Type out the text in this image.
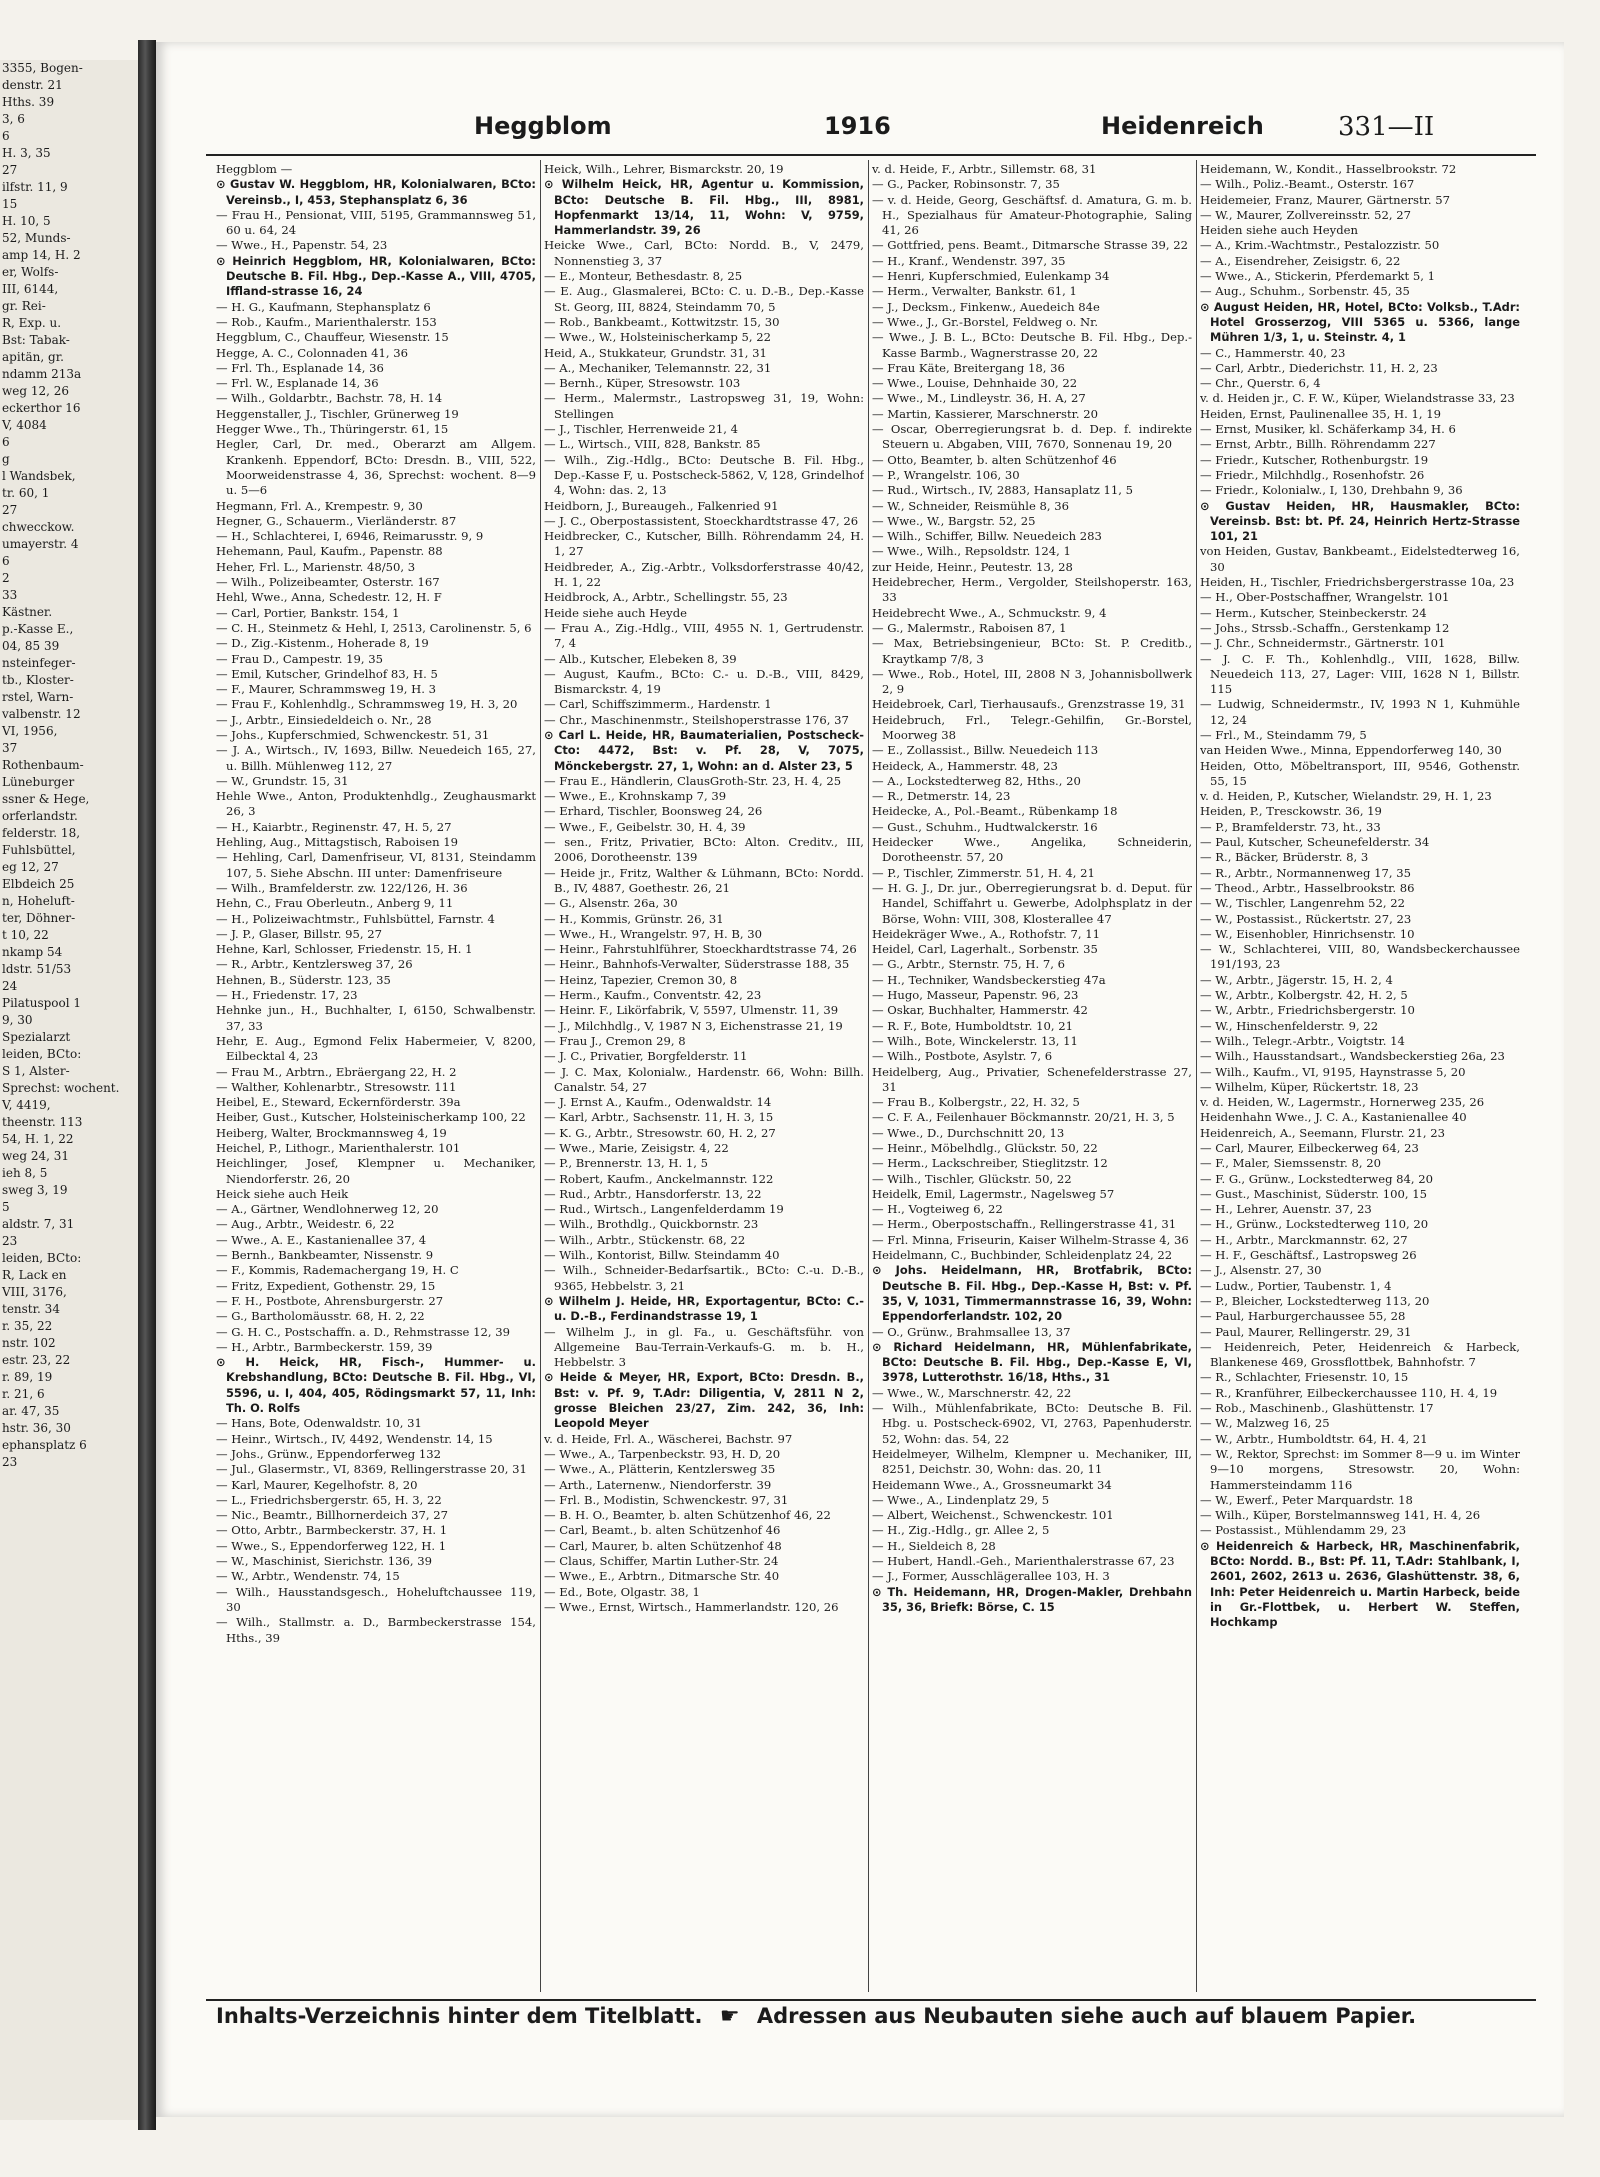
3355, Bogen-
denstr. 21
Hths. 39
3, 6
6
H. 3, 35
27
ilfstr. 11, 9
15
H. 10, 5
52, Munds-
amp 14, H. 2
er, Wolfs-
III, 6144,
gr. Rei-
R, Exp. u.
Bst: Tabak-
apitän, gr.
ndamm 213a
weg 12, 26
eckerthor 16
V, 4084
6
g
l Wandsbek,
tr. 60, 1
27
chwecckow.
umayerstr. 4
6
2
33
Kästner.
p.-Kasse E.,
04, 85 39
nsteinfeger-
tb., Kloster-
rstel, Warn-
valbenstr. 12
VI, 1956,
37
Rothenbaum-
Lüneburger
ssner & Hege,
orferlandstr.
felderstr. 18,
Fuhlsbüttel,
eg 12, 27
Elbdeich 25
n, Hoheluft-
ter, Döhner-
t 10, 22
nkamp 54
ldstr. 51/53
24
Pilatuspool 1
9, 30
Spezialarzt
leiden, BCto:
S 1, Alster-
Sprechst: wochent.
V, 4419,
theenstr. 113
54, H. 1, 22
weg 24, 31
ieh 8, 5
sweg 3, 19
5
aldstr. 7, 31
23
leiden, BCto:
R, Lack en
VIII, 3176,
tenstr. 34
r. 35, 22
nstr. 102
estr. 23, 22
r. 89, 19
r. 21, 6
ar. 47, 35
hstr. 36, 30
ephansplatz 6
23
Heggblom	1916	Heidenreich	331—II

Heggblom —

⊙ Gustav W. Heggblom, HR, Kolonialwaren, BCto: Vereinsb., I, 453, Stephansplatz 6, 36

— Frau H., Pensionat, VIII, 5195, Grammannsweg 51, 60 u. 64, 24

— Wwe., H., Papenstr. 54, 23

⊙ Heinrich Heggblom, HR, Kolonialwaren, BCto: Deutsche B. Fil. Hbg., Dep.-Kasse A., VIII, 4705, Iffland-strasse 16, 24

— H. G., Kaufmann, Stephansplatz 6

— Rob., Kaufm., Marienthalerstr. 153

Heggblum, C., Chauffeur, Wiesenstr. 15

Hegge, A. C., Colonnaden 41, 36

— Frl. Th., Esplanade 14, 36

— Frl. W., Esplanade 14, 36

— Wilh., Goldarbtr., Bachstr. 78, H. 14

Heggenstaller, J., Tischler, Grünerweg 19

Hegger Wwe., Th., Thüringerstr. 61, 15

Hegler, Carl, Dr. med., Oberarzt am Allgem. Krankenh. Eppendorf, BCto: Dresdn. B., VIII, 522, Moorweidenstrasse 4, 36, Sprechst: wochent. 8—9 u. 5—6

Hegmann, Frl. A., Krempestr. 9, 30

Hegner, G., Schauerm., Vierländerstr. 87

— H., Schlachterei, I, 6946, Reimarusstr. 9, 9

Hehemann, Paul, Kaufm., Papenstr. 88

Heher, Frl. L., Marienstr. 48/50, 3

— Wilh., Polizeibeamter, Osterstr. 167

Hehl, Wwe., Anna, Schedestr. 12, H. F

— Carl, Portier, Bankstr. 154, 1

— C. H., Steinmetz & Hehl, I, 2513, Carolinenstr. 5, 6

— D., Zig.-Kistenm., Hoherade 8, 19

— Frau D., Campestr. 19, 35

— Emil, Kutscher, Grindelhof 83, H. 5

— F., Maurer, Schrammsweg 19, H. 3

— Frau F., Kohlenhdlg., Schrammsweg 19, H. 3, 20

— J., Arbtr., Einsiedeldeich o. Nr., 28

— Johs., Kupferschmied, Schwenckestr. 51, 31

— J. A., Wirtsch., IV, 1693, Billw. Neuedeich 165, 27, u. Billh. Mühlenweg 112, 27

— W., Grundstr. 15, 31

Hehle Wwe., Anton, Produktenhdlg., Zeughausmarkt 26, 3

— H., Kaiarbtr., Reginenstr. 47, H. 5, 27

Hehling, Aug., Mittagstisch, Raboisen 19

— Hehling, Carl, Damenfriseur, VI, 8131, Steindamm 107, 5. Siehe Abschn. III unter: Damenfriseure

— Wilh., Bramfelderstr. zw. 122/126, H. 36

Hehn, C., Frau Oberleutn., Anberg 9, 11

— H., Polizeiwachtmstr., Fuhlsbüttel, Farnstr. 4

— J. P., Glaser, Billstr. 95, 27

Hehne, Karl, Schlosser, Friedenstr. 15, H. 1

— R., Arbtr., Kentzlersweg 37, 26

Hehnen, B., Süderstr. 123, 35

— H., Friedenstr. 17, 23

Hehnke jun., H., Buchhalter, I, 6150, Schwalbenstr. 37, 33

Hehr, E. Aug., Egmond Felix Habermeier, V, 8200, Eilbecktal 4, 23

— Frau M., Arbtrn., Ebräergang 22, H. 2

— Walther, Kohlenarbtr., Stresowstr. 111

Heibel, E., Steward, Eckernförderstr. 39a

Heiber, Gust., Kutscher, Holsteinischerkamp 100, 22

Heiberg, Walter, Brockmannsweg 4, 19

Heichel, P., Lithogr., Marienthalerstr. 101

Heichlinger, Josef, Klempner u. Mechaniker, Niendorferstr. 26, 20

Heick siehe auch Heik

— A., Gärtner, Wendlohnerweg 12, 20

— Aug., Arbtr., Weidestr. 6, 22

— Wwe., A. E., Kastanienallee 37, 4

— Bernh., Bankbeamter, Nissenstr. 9

— F., Kommis, Rademachergang 19, H. C

— Fritz, Expedient, Gothenstr. 29, 15

— F. H., Postbote, Ahrensburgerstr. 27

— G., Bartholomäusstr. 68, H. 2, 22

— G. H. C., Postschaffn. a. D., Rehmstrasse 12, 39

— H., Arbtr., Barmbeckerstr. 159, 39

⊙ H. Heick, HR, Fisch-, Hummer- u. Krebshandlung, BCto: Deutsche B. Fil. Hbg., VI, 5596, u. I, 404, 405, Rödingsmarkt 57, 11, Inh: Th. O. Rolfs

— Hans, Bote, Odenwaldstr. 10, 31

— Heinr., Wirtsch., IV, 4492, Wendenstr. 14, 15

— Johs., Grünw., Eppendorferweg 132

— Jul., Glasermstr., VI, 8369, Rellingerstrasse 20, 31

— Karl, Maurer, Kegelhofstr. 8, 20

— L., Friedrichsbergerstr. 65, H. 3, 22

— Nic., Beamtr., Billhornerdeich 37, 27

— Otto, Arbtr., Barmbeckerstr. 37, H. 1

— Wwe., S., Eppendorferweg 122, H. 1

— W., Maschinist, Sierichstr. 136, 39

— W., Arbtr., Wendenstr. 74, 15

— Wilh., Hausstandsgesch., Hoheluftchaussee 119, 30

— Wilh., Stallmstr. a. D., Barmbeckerstrasse 154, Hths., 39

Heick, Wilh., Lehrer, Bismarckstr. 20, 19

⊙ Wilhelm Heick, HR, Agentur u. Kommission, BCto: Deutsche B. Fil. Hbg., III, 8981, Hopfenmarkt 13/14, 11, Wohn: V, 9759, Hammerlandstr. 39, 26

Heicke Wwe., Carl, BCto: Nordd. B., V, 2479, Nonnenstieg 3, 37

— E., Monteur, Bethesdastr. 8, 25

— E. Aug., Glasmalerei, BCto: C. u. D.-B., Dep.-Kasse St. Georg, III, 8824, Steindamm 70, 5

— Rob., Bankbeamt., Kottwitzstr. 15, 30

— Wwe., W., Holsteinischerkamp 5, 22

Heid, A., Stukkateur, Grundstr. 31, 31

— A., Mechaniker, Telemannstr. 22, 31

— Bernh., Küper, Stresowstr. 103

— Herm., Malermstr., Lastropsweg 31, 19, Wohn: Stellingen

— J., Tischler, Herrenweide 21, 4

— L., Wirtsch., VIII, 828, Bankstr. 85

— Wilh., Zig.-Hdlg., BCto: Deutsche B. Fil. Hbg., Dep.-Kasse F, u. Postscheck-5862, V, 128, Grindelhof 4, Wohn: das. 2, 13

Heidborn, J., Bureaugeh., Falkenried 91

— J. C., Oberpostassistent, Stoeckhardtstrasse 47, 26

Heidbrecker, C., Kutscher, Billh. Röhrendamm 24, H. 1, 27

Heidbreder, A., Zig.-Arbtr., Volksdorferstrasse 40/42, H. 1, 22

Heidbrock, A., Arbtr., Schellingstr. 55, 23

Heide siehe auch Heyde

— Frau A., Zig.-Hdlg., VIII, 4955 N. 1, Gertrudenstr. 7, 4

— Alb., Kutscher, Elebeken 8, 39

— August, Kaufm., BCto: C.- u. D.-B., VIII, 8429, Bismarckstr. 4, 19

— Carl, Schiffszimmerm., Hardenstr. 1

— Chr., Maschinenmstr., Steilshoperstrasse 176, 37

⊙ Carl L. Heide, HR, Baumaterialien, Postscheck-Cto: 4472, Bst: v. Pf. 28, V, 7075, Mönckebergstr. 27, 1, Wohn: an d. Alster 23, 5

— Frau E., Händlerin, ClausGroth-Str. 23, H. 4, 25

— Wwe., E., Krohnskamp 7, 39

— Erhard, Tischler, Boonsweg 24, 26

— Wwe., F., Geibelstr. 30, H. 4, 39

— sen., Fritz, Privatier, BCto: Alton. Creditv., III, 2006, Dorotheenstr. 139

— Heide jr., Fritz, Walther & Lühmann, BCto: Nordd. B., IV, 4887, Goethestr. 26, 21

— G., Alsenstr. 26a, 30

— H., Kommis, Grünstr. 26, 31

— Wwe., H., Wrangelstr. 97, H. B, 30

— Heinr., Fahrstuhlführer, Stoeckhardtstrasse 74, 26

— Heinr., Bahnhofs-Verwalter, Süderstrasse 188, 35

— Heinz, Tapezier, Cremon 30, 8

— Herm., Kaufm., Conventstr. 42, 23

— Heinr. F., Likörfabrik, V, 5597, Ulmenstr. 11, 39

— J., Milchhdlg., V, 1987 N 3, Eichenstrasse 21, 19

— Frau J., Cremon 29, 8

— J. C., Privatier, Borgfelderstr. 11

— J. C. Max, Kolonialw., Hardenstr. 66, Wohn: Billh. Canalstr. 54, 27

— J. Ernst A., Kaufm., Odenwaldstr. 14

— Karl, Arbtr., Sachsenstr. 11, H. 3, 15

— K. G., Arbtr., Stresowstr. 60, H. 2, 27

— Wwe., Marie, Zeisigstr. 4, 22

— P., Brennerstr. 13, H. 1, 5

— Robert, Kaufm., Anckelmannstr. 122

— Rud., Arbtr., Hansdorferstr. 13, 22

— Rud., Wirtsch., Langenfelderdamm 19

— Wilh., Brothdlg., Quickbornstr. 23

— Wilh., Arbtr., Stückenstr. 68, 22

— Wilh., Kontorist, Billw. Steindamm 40

— Wilh., Schneider-Bedarfsartik., BCto: C.-u. D.-B., 9365, Hebbelstr. 3, 21

⊙ Wilhelm J. Heide, HR, Exportagentur, BCto: C.- u. D.-B., Ferdinandstrasse 19, 1

— Wilhelm J., in gl. Fa., u. Geschäftsführ. von Allgemeine Bau-Terrain-Verkaufs-G. m. b. H., Hebbelstr. 3

⊙ Heide & Meyer, HR, Export, BCto: Dresdn. B., Bst: v. Pf. 9, T.Adr: Diligentia, V, 2811 N 2, grosse Bleichen 23/27, Zim. 242, 36, Inh: Leopold Meyer

v. d. Heide, Frl. A., Wäscherei, Bachstr. 97

— Wwe., A., Tarpenbeckstr. 93, H. D, 20

— Wwe., A., Plätterin, Kentzlersweg 35

— Arth., Laternenw., Niendorferstr. 39

— Frl. B., Modistin, Schwenckestr. 97, 31

— B. H. O., Beamter, b. alten Schützenhof 46, 22

— Carl, Beamt., b. alten Schützenhof 46

— Carl, Maurer, b. alten Schützenhof 48

— Claus, Schiffer, Martin Luther-Str. 24

— Wwe., E., Arbtrn., Ditmarsche Str. 40

— Ed., Bote, Olgastr. 38, 1

— Wwe., Ernst, Wirtsch., Hammerlandstr. 120, 26

v. d. Heide, F., Arbtr., Sillemstr. 68, 31

— G., Packer, Robinsonstr. 7, 35

— v. d. Heide, Georg, Geschäftsf. d. Amatura, G. m. b. H., Spezialhaus für Amateur-Photographie, Saling 41, 26

— Gottfried, pens. Beamt., Ditmarsche Strasse 39, 22

— H., Kranf., Wendenstr. 397, 35

— Henri, Kupferschmied, Eulenkamp 34

— Herm., Verwalter, Bankstr. 61, 1

— J., Decksm., Finkenw., Auedeich 84e

— Wwe., J., Gr.-Borstel, Feldweg o. Nr.

— Wwe., J. B. L., BCto: Deutsche B. Fil. Hbg., Dep.-Kasse Barmb., Wagnerstrasse 20, 22

— Frau Käte, Breitergang 18, 36

— Wwe., Louise, Dehnhaide 30, 22

— Wwe., M., Lindleystr. 36, H. A, 27

— Martin, Kassierer, Marschnerstr. 20

— Oscar, Oberregierungsrat b. d. Dep. f. indirekte Steuern u. Abgaben, VIII, 7670, Sonnenau 19, 20

— Otto, Beamter, b. alten Schützenhof 46

— P., Wrangelstr. 106, 30

— Rud., Wirtsch., IV, 2883, Hansaplatz 11, 5

— W., Schneider, Reismühle 8, 36

— Wwe., W., Bargstr. 52, 25

— Wilh., Schiffer, Billw. Neuedeich 283

— Wwe., Wilh., Repsoldstr. 124, 1

zur Heide, Heinr., Peutestr. 13, 28

Heidebrecher, Herm., Vergolder, Steilshoperstr. 163, 33

Heidebrecht Wwe., A., Schmuckstr. 9, 4

— G., Malermstr., Raboisen 87, 1

— Max, Betriebsingenieur, BCto: St. P. Creditb., Kraytkamp 7/8, 3

— Wwe., Rob., Hotel, III, 2808 N 3, Johannisbollwerk 2, 9

Heidebroek, Carl, Tierhausaufs., Grenzstrasse 19, 31

Heidebruch, Frl., Telegr.-Gehilfin, Gr.-Borstel, Moorweg 38

— E., Zollassist., Billw. Neuedeich 113

Heideck, A., Hammerstr. 48, 23

— A., Lockstedterweg 82, Hths., 20

— R., Detmerstr. 14, 23

Heidecke, A., Pol.-Beamt., Rübenkamp 18

— Gust., Schuhm., Hudtwalckerstr. 16

Heidecker Wwe., Angelika, Schneiderin, Dorotheenstr. 57, 20

— P., Tischler, Zimmerstr. 51, H. 4, 21

— H. G. J., Dr. jur., Oberregierungsrat b. d. Deput. für Handel, Schiffahrt u. Gewerbe, Adolphsplatz in der Börse, Wohn: VIII, 308, Klosterallee 47

Heidekräger Wwe., A., Rothofstr. 7, 11

Heidel, Carl, Lagerhalt., Sorbenstr. 35

— G., Arbtr., Sternstr. 75, H. 7, 6

— H., Techniker, Wandsbeckerstieg 47a

— Hugo, Masseur, Papenstr. 96, 23

— Oskar, Buchhalter, Hammerstr. 42

— R. F., Bote, Humboldtstr. 10, 21

— Wilh., Bote, Winckelerstr. 13, 11

— Wilh., Postbote, Asylstr. 7, 6

Heidelberg, Aug., Privatier, Schenefelderstrasse 27, 31

— Frau B., Kolbergstr., 22, H. 32, 5

— C. F. A., Feilenhauer Böckmannstr. 20/21, H. 3, 5

— Wwe., D., Durchschnitt 20, 13

— Heinr., Möbelhdlg., Glückstr. 50, 22

— Herm., Lackschreiber, Stieglitzstr. 12

— Wilh., Tischler, Glückstr. 50, 22

Heidelk, Emil, Lagermstr., Nagelsweg 57

— H., Vogteiweg 6, 22

— Herm., Oberpostschaffn., Rellingerstrasse 41, 31

— Frl. Minna, Friseurin, Kaiser Wilhelm-Strasse 4, 36

Heidelmann, C., Buchbinder, Schleidenplatz 24, 22

⊙ Johs. Heidelmann, HR, Brotfabrik, BCto: Deutsche B. Fil. Hbg., Dep.-Kasse H, Bst: v. Pf. 35, V, 1031, Timmermannstrasse 16, 39, Wohn: Eppendorferlandstr. 102, 20

— O., Grünw., Brahmsallee 13, 37

⊙ Richard Heidelmann, HR, Mühlenfabrikate, BCto: Deutsche B. Fil. Hbg., Dep.-Kasse E, VI, 3978, Lutterothstr. 16/18, Hths., 31

— Wwe., W., Marschnerstr. 42, 22

— Wilh., Mühlenfabrikate, BCto: Deutsche B. Fil. Hbg. u. Postscheck-6902, VI, 2763, Papenhuderstr. 52, Wohn: das. 54, 22

Heidelmeyer, Wilhelm, Klempner u. Mechaniker, III, 8251, Deichstr. 30, Wohn: das. 20, 11

Heidemann Wwe., A., Grossneumarkt 34

— Wwe., A., Lindenplatz 29, 5

— Albert, Weichenst., Schwenckestr. 101

— H., Zig.-Hdlg., gr. Allee 2, 5

— H., Sieldeich 8, 28

— Hubert, Handl.-Geh., Marienthalerstrasse 67, 23

— J., Former, Ausschlägerallee 103, H. 3

⊙ Th. Heidemann, HR, Drogen-Makler, Drehbahn 35, 36, Briefk: Börse, C. 15

Heidemann, W., Kondit., Hasselbrookstr. 72

— Wilh., Poliz.-Beamt., Osterstr. 167

Heidemeier, Franz, Maurer, Gärtnerstr. 57

— W., Maurer, Zollvereinsstr. 52, 27

Heiden siehe auch Heyden

— A., Krim.-Wachtmstr., Pestalozzistr. 50

— A., Eisendreher, Zeisigstr. 6, 22

— Wwe., A., Stickerin, Pferdemarkt 5, 1

— Aug., Schuhm., Sorbenstr. 45, 35

⊙ August Heiden, HR, Hotel, BCto: Volksb., T.Adr: Hotel Grosserzog, VIII 5365 u. 5366, lange Mühren 1/3, 1, u. Steinstr. 4, 1

— C., Hammerstr. 40, 23

— Carl, Arbtr., Diederichstr. 11, H. 2, 23

— Chr., Querstr. 6, 4

v. d. Heiden jr., C. F. W., Küper, Wielandstrasse 33, 23

Heiden, Ernst, Paulinenallee 35, H. 1, 19

— Ernst, Musiker, kl. Schäferkamp 34, H. 6

— Ernst, Arbtr., Billh. Röhrendamm 227

— Friedr., Kutscher, Rothenburgstr. 19

— Friedr., Milchhdlg., Rosenhofstr. 26

— Friedr., Kolonialw., I, 130, Drehbahn 9, 36

⊙ Gustav Heiden, HR, Hausmakler, BCto: Vereinsb. Bst: bt. Pf. 24, Heinrich Hertz-Strasse 101, 21

von Heiden, Gustav, Bankbeamt., Eidelstedterweg 16, 30

Heiden, H., Tischler, Friedrichsbergerstrasse 10a, 23

— H., Ober-Postschaffner, Wrangelstr. 101

— Herm., Kutscher, Steinbeckerstr. 24

— Johs., Strssb.-Schaffn., Gerstenkamp 12

— J. Chr., Schneidermstr., Gärtnerstr. 101

— J. C. F. Th., Kohlenhdlg., VIII, 1628, Billw. Neuedeich 113, 27, Lager: VIII, 1628 N 1, Billstr. 115

— Ludwig, Schneidermstr., IV, 1993 N 1, Kuhmühle 12, 24

— Frl., M., Steindamm 79, 5

van Heiden Wwe., Minna, Eppendorferweg 140, 30

Heiden, Otto, Möbeltransport, III, 9546, Gothenstr. 55, 15

v. d. Heiden, P., Kutscher, Wielandstr. 29, H. 1, 23

Heiden, P., Tresckowstr. 36, 19

— P., Bramfelderstr. 73, ht., 33

— Paul, Kutscher, Scheunefelderstr. 34

— R., Bäcker, Brüderstr. 8, 3

— R., Arbtr., Normannenweg 17, 35

— Theod., Arbtr., Hasselbrookstr. 86

— W., Tischler, Langenrehm 52, 22

— W., Postassist., Rückertstr. 27, 23

— W., Eisenhobler, Hinrichsenstr. 10

— W., Schlachterei, VIII, 80, Wandsbeckerchaussee 191/193, 23

— W., Arbtr., Jägerstr. 15, H. 2, 4

— W., Arbtr., Kolbergstr. 42, H. 2, 5

— W., Arbtr., Friedrichsbergerstr. 10

— W., Hinschenfelderstr. 9, 22

— Wilh., Telegr.-Arbtr., Voigtstr. 14

— Wilh., Hausstandsart., Wandsbeckerstieg 26a, 23

— Wilh., Kaufm., VI, 9195, Haynstrasse 5, 20

— Wilhelm, Küper, Rückertstr. 18, 23

v. d. Heiden, W., Lagermstr., Hornerweg 235, 26

Heidenhahn Wwe., J. C. A., Kastanienallee 40

Heidenreich, A., Seemann, Flurstr. 21, 23

— Carl, Maurer, Eilbeckerweg 64, 23

— F., Maler, Siemssenstr. 8, 20

— F. G., Grünw., Lockstedterweg 84, 20

— Gust., Maschinist, Süderstr. 100, 15

— H., Lehrer, Auenstr. 37, 23

— H., Grünw., Lockstedterweg 110, 20

— H., Arbtr., Marckmannstr. 62, 27

— H. F., Geschäftsf., Lastropsweg 26

— J., Alsenstr. 27, 30

— Ludw., Portier, Taubenstr. 1, 4

— P., Bleicher, Lockstedterweg 113, 20

— Paul, Harburgerchaussee 55, 28

— Paul, Maurer, Rellingerstr. 29, 31

— Heidenreich, Peter, Heidenreich & Harbeck, Blankenese 469, Grossflottbek, Bahnhofstr. 7

— R., Schlachter, Friesenstr. 10, 15

— R., Kranführer, Eilbeckerchaussee 110, H. 4, 19

— Rob., Maschinenb., Glashüttenstr. 17

— W., Malzweg 16, 25

— W., Arbtr., Humboldtstr. 64, H. 4, 21

— W., Rektor, Sprechst: im Sommer 8—9 u. im Winter 9—10 morgens, Stresowstr. 20, Wohn: Hammersteindamm 116

— W., Ewerf., Peter Marquardstr. 18

— Wilh., Küper, Borstelmannsweg 141, H. 4, 26

— Postassist., Mühlendamm 29, 23

⊙ Heidenreich & Harbeck, HR, Maschinenfabrik, BCto: Nordd. B., Bst: Pf. 11, T.Adr: Stahlbank, I, 2601, 2602, 2613 u. 2636, Glashüttenstr. 38, 6, Inh: Peter Heidenreich u. Martin Harbeck, beide in Gr.-Flottbek, u. Herbert W. Steffen, Hochkamp

Inhalts-Verzeichnis hinter dem Titelblatt. ☛ Adressen aus Neubauten siehe auch auf blauem Papier.
